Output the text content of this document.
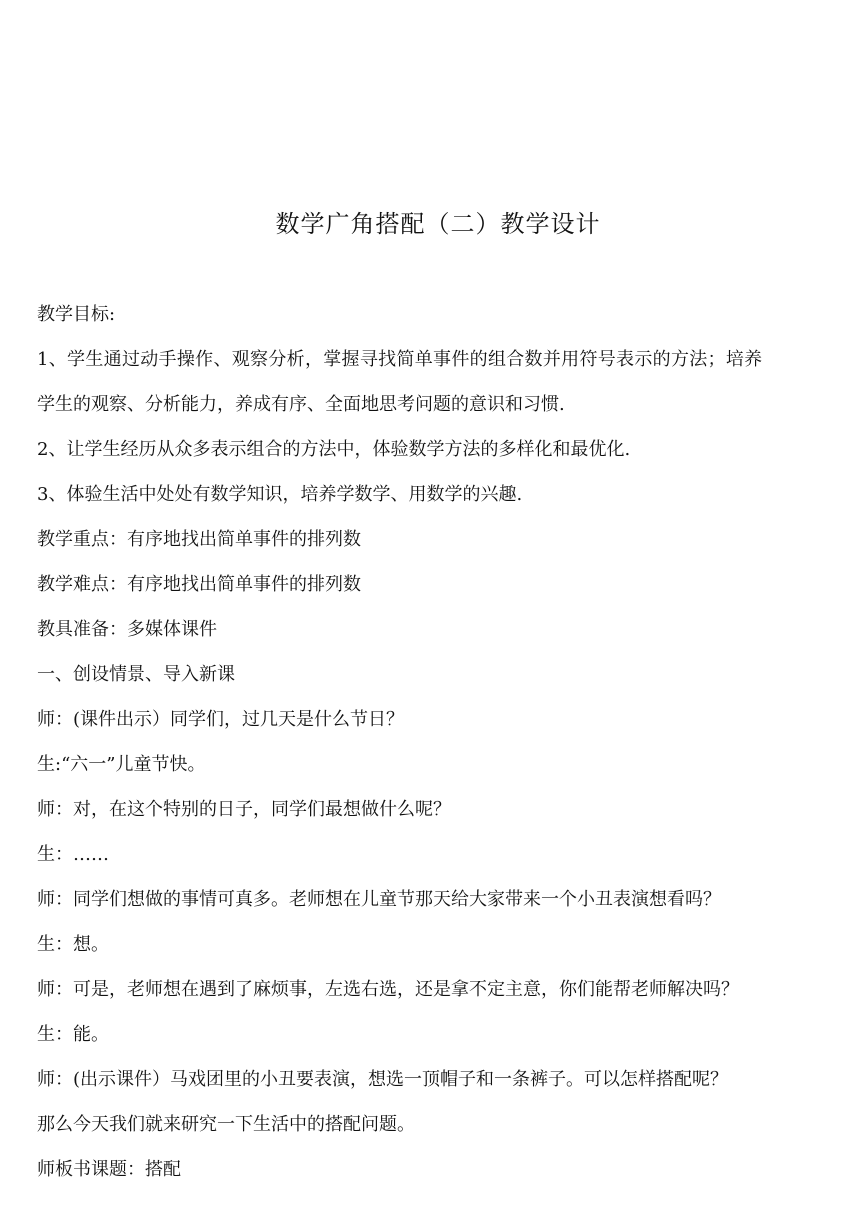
数学广角搭配（二）教学设计
教学目标:
1、学生通过动手操作、观察分析，掌握寻找简单事件的组合数并用符号表示的方法；培养
学生的观察、分析能力，养成有序、全面地思考问题的意识和习惯.
2、让学生经历从众多表示组合的方法中，体验数学方法的多样化和最优化.
3、体验生活中处处有数学知识，培养学数学、用数学的兴趣.
教学重点：有序地找出简单事件的排列数
教学难点：有序地找出简单事件的排列数
教具准备：多媒体课件
一、创设情景、导入新课
师：(课件出示）同学们，过几天是什么节日？
生:“六一”儿童节快。
师：对，在这个特别的日子，同学们最想做什么呢？
生：……
师：同学们想做的事情可真多。老师想在儿童节那天给大家带来一个小丑表演想看吗？
生：想。
师：可是，老师想在遇到了麻烦事，左选右选，还是拿不定主意，你们能帮老师解决吗？
生：能。
师：(出示课件）马戏团里的小丑要表演，想选一顶帽子和一条裤子。可以怎样搭配呢？
那么今天我们就来研究一下生活中的搭配问题。
师板书课题：搭配
